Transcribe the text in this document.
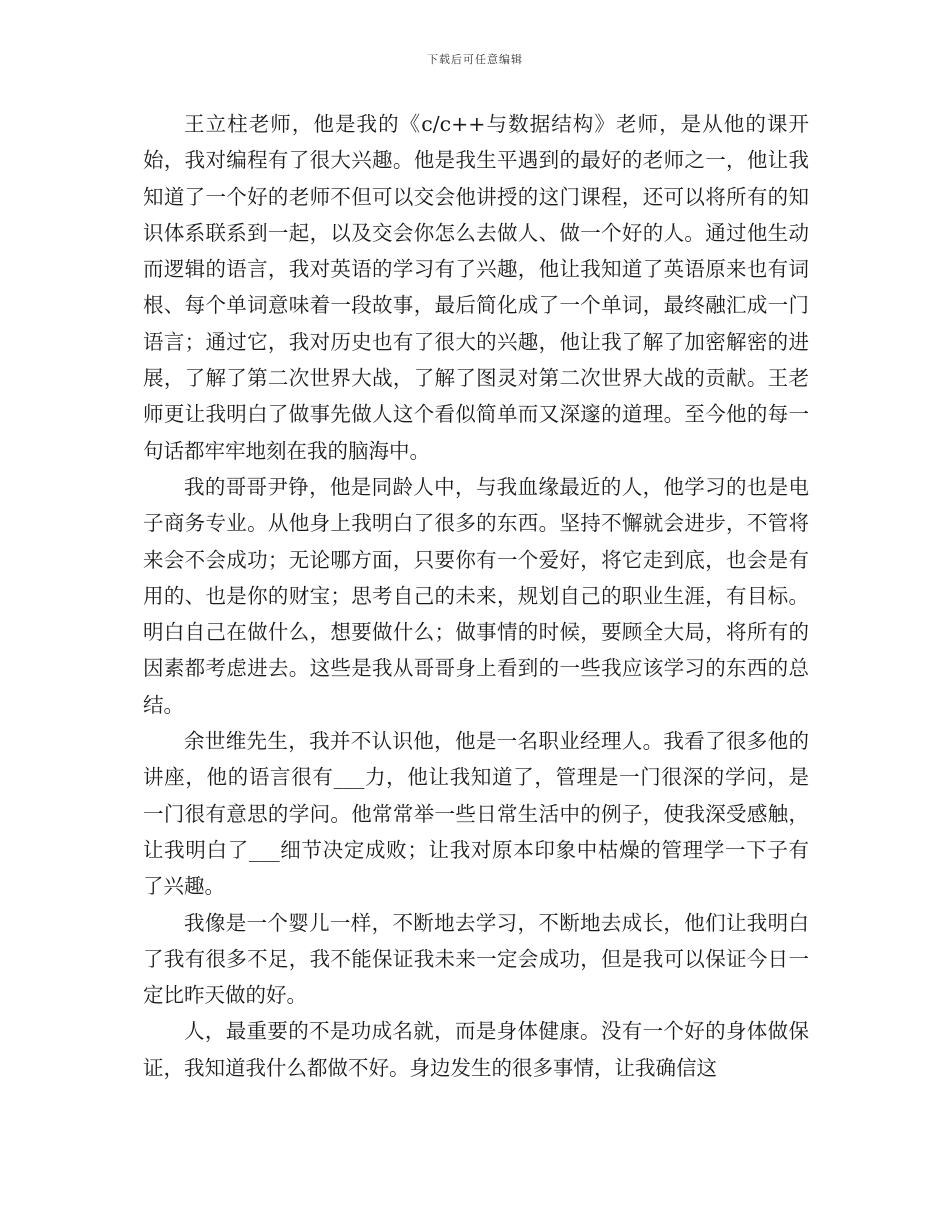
下载后可任意编辑

王立柱老师，他是我的《c/c++与数据结构》老师，是从他的课开始，我对编程有了很大兴趣。他是我生平遇到的最好的老师之一，他让我知道了一个好的老师不但可以交会他讲授的这门课程，还可以将所有的知识体系联系到一起，以及交会你怎么去做人、做一个好的人。通过他生动而逻辑的语言，我对英语的学习有了兴趣，他让我知道了英语原来也有词根、每个单词意味着一段故事，最后简化成了一个单词，最终融汇成一门语言；通过它，我对历史也有了很大的兴趣，他让我了解了加密解密的进展，了解了第二次世界大战，了解了图灵对第二次世界大战的贡献。王老师更让我明白了做事先做人这个看似简单而又深邃的道理。至今他的每一句话都牢牢地刻在我的脑海中。

我的哥哥尹铮，他是同龄人中，与我血缘最近的人，他学习的也是电子商务专业。从他身上我明白了很多的东西。坚持不懈就会进步，不管将来会不会成功；无论哪方面，只要你有一个爱好，将它走到底，也会是有用的、也是你的财宝；思考自己的未来，规划自己的职业生涯，有目标。明白自己在做什么，想要做什么；做事情的时候，要顾全大局，将所有的因素都考虑进去。这些是我从哥哥身上看到的一些我应该学习的东西的总结。

余世维先生，我并不认识他，他是一名职业经理人。我看了很多他的讲座，他的语言很有___力，他让我知道了，管理是一门很深的学问，是一门很有意思的学问。他常常举一些日常生活中的例子，使我深受感触，让我明白了___细节决定成败；让我对原本印象中枯燥的管理学一下子有了兴趣。

我像是一个婴儿一样，不断地去学习，不断地去成长，他们让我明白了我有很多不足，我不能保证我未来一定会成功，但是我可以保证今日一定比昨天做的好。

人，最重要的不是功成名就，而是身体健康。没有一个好的身体做保证，我知道我什么都做不好。身边发生的很多事情，让我确信这
